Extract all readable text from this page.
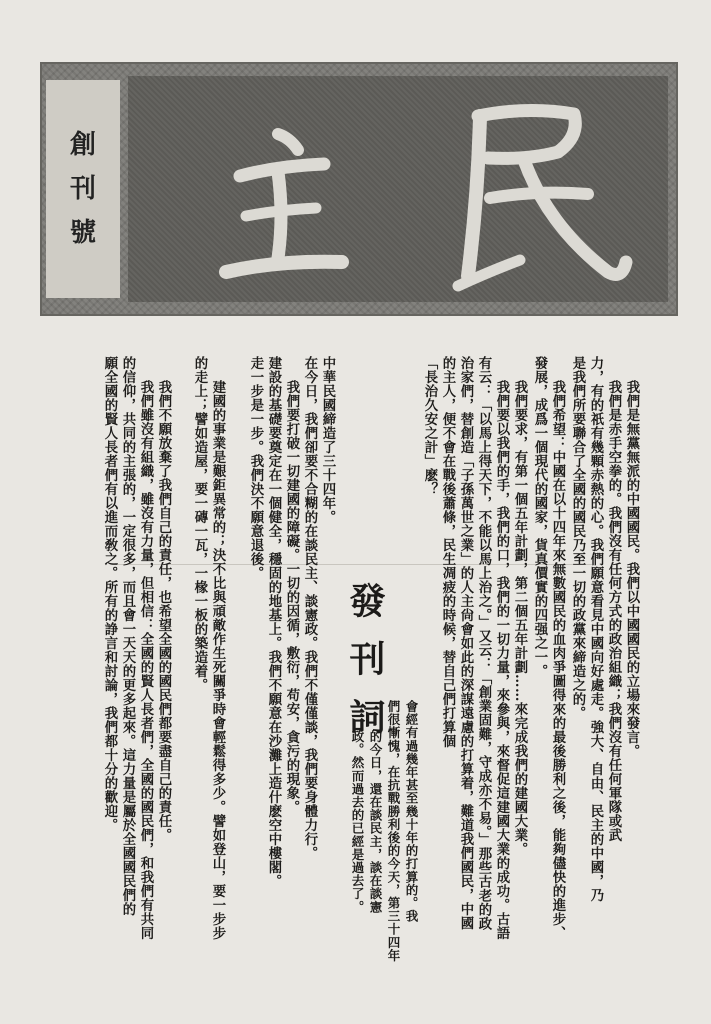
創
刊
號
發刊詞	我們是無黨無派的中國國民。我們以中國國民的立場來發言。
我們是赤手空拳的。我們沒有任何方式的政治組織；我們沒有任何軍隊或武
力，有的祇有幾顆赤熱的心。我們願意看見中國向好處走。強大、自由、民主的中國，乃
是我們所要聯合了全國的國民乃至一切的政黨來締造之的。
我們希望：中國在以十四年來無數國民的血肉爭圖得來的最後勝利之後，能夠儘快的進步、
發展，成爲一個現代的國家，貨真價實的四强之一。
我們要求，有第一個五年計劃，第二個五年計劃……來完成我們的建國大業。
我們要以我們的手，我們的口，我們的一切力量，來參與，來督促這建國大業的成功。古語
有云：「以馬上得天下，不能以馬上治之。」又云：「創業固難，守成亦不易。」那些古老的政
治家們，替創造「子孫萬世之業」的人主尙會如此的深謀遠慮的打算着，難道我們國民，中國
的主人，便不會在戰後蕭條，民生凋疲的時候，替自己們打算個
「長治久安之計」麽？
中華民國締造了三十四年。
在今日，我們卻要不合糊的在談民主、談憲政。我們不僅僅談，我們要身體力行。
我們要打破一切建國的障礙。一切的因循，敷衍，苟安，貪污的現象。
建設的基礎要奠定在一個健全，穩固的地基上。我們不願意在沙灘上造什麽空中樓閣。
走一步是一步。我們決不願意退後。
建國的事業是艱鉅異常的；決不比與頑敵作生死關爭時會輕鬆得多少。譬如登山，要一步步
的走上；譬如造屋，要一磚一瓦，一椽一板的築造着。
我們不願放棄了我們自己的責任，也希望全國的國民們都要盡自己的責任。
我們雖沒有組織，雖沒有力量，但相信：全國的賢人長者們，全國的國民們，和我們有共同
的信仰，共同的主張的，一定很多，而且會一天天的更多起來。這力量是屬於全國國民們的
願全國的賢人長者們有以進而敎之。所有的諍言和討論，我們都十分的歡迎。	會經有過幾年甚至幾十年的打算的。我
們很慚愧，在抗戰勝利後的今天，第三十四年
的今日，還在談民主，談在談憲
政。然而過去的已經是過去了。
